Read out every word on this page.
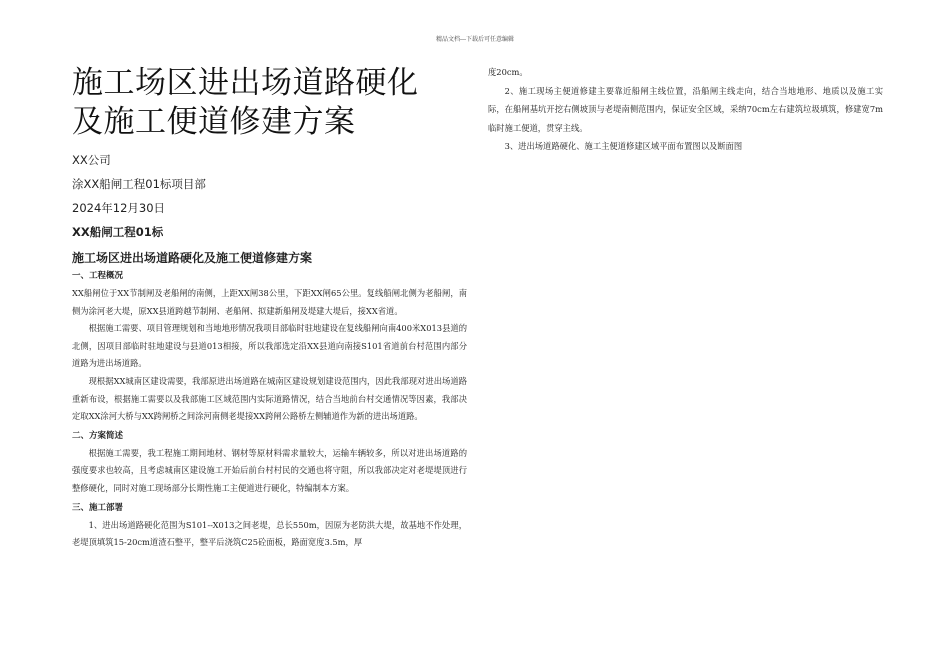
精品文档---下载后可任意编辑
施工场区进出场道路硬化
及施工便道修建方案
XX公司
涂XX船闸工程01标项目部
2024年12月30日
XX船闸工程01标
施工场区进出场道路硬化及施工便道修建方案
一、工程概况

XX船闸位于XX节制闸及老船闸的南侧，上距XX闸38公里，下距XX闸65公里。复线船闸北侧为老船闸，南侧为涂河老大堤，原XX县道跨越节制闸、老船闸、拟建新船闸及堤建大堤后，接XX省道。

根据施工需要、项目管理规划和当地地形情况我项目部临时驻地建设在复线船闸向南400米X013县道的北侧，因项目部临时驻地建设与县道013相接，所以我部选定沿XX县道向南接S101省道前台村范围内部分道路为进出场道路。

现根据XX城南区建设需要，我部原进出场道路在城南区建设规划建设范围内，因此我部现对进出场道路重新布设，根据施工需要以及我部施工区域范围内实际道路情况，结合当地前台村交通情况等因素，我部决定取XX涂河大桥与XX跨闸桥之间涂河南侧老堤接XX跨闸公路桥左侧辅道作为新的进出场道路。

二、方案简述

根据施工需要，我工程施工期间地材、钢材等原材料需求量较大，运输车辆较多，所以对进出场道路的强度要求也较高，且考虑城南区建设施工开始后前台村村民的交通也将守阻，所以我部决定对老堤堤顶进行整修硬化，同时对施工现场部分长期性施工主便道进行硬化，特编制本方案。

三、施工部署

1、进出场道路硬化范围为S101--X013之间老堤，总长550m，因原为老防洪大堤，故基地不作处理，老堤顶填筑15-20cm道渣石整平，整平后浇筑C25砼面板，路面宽度3.5m，厚

度20cm。

2、施工现场主便道修建主要靠近船闸主线位置，沿船闸主线走向，结合当地地形、地质以及施工实际，在船闸基坑开挖右侧坡顶与老堤南侧范围内，保证安全区域，采纳70cm左右建筑垃圾填筑，修建宽7m临时施工便道，贯穿主线。

3、进出场道路硬化、施工主便道修建区域平面布置图以及断面图
